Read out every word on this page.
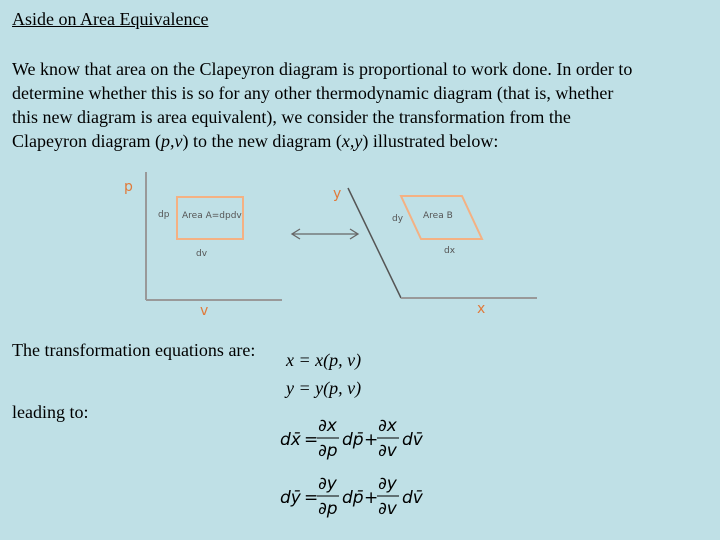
Aside on Area Equivalence
We know that area on the Clapeyron diagram is proportional to work done. In order to
determine whether this is so for any other thermodynamic diagram (that is, whether
this new diagram is area equivalent), we consider the transformation from the
Clapeyron diagram (p,v) to the new diagram (x,y) illustrated below:
p
v
dp Area A=dpdv
dv
y
x
dy Area B
dx
The transformation equations are:
leading to:
x = x(p, v)
y = y(p, v)
dx̄ =
∂x
∂p
dp̄ +
∂x
∂v
dv̄
dȳ =
∂y
∂p
dp̄ +
∂y
∂v
dv̄
